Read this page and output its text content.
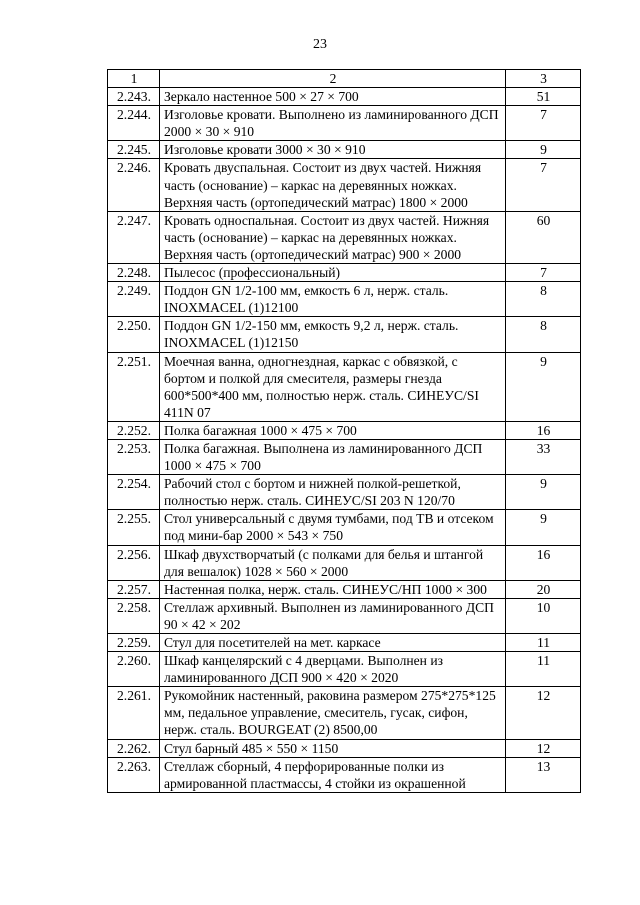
23
1	2	3
2.243.	Зеркало настенное 500 × 27 × 700	51
2.244.	Изголовье кровати. Выполнено из ламинированного ДСП 2000 × 30 × 910	7
2.245.	Изголовье кровати 3000 × 30 × 910	9
2.246.	Кровать двуспальная. Состоит из двух частей. Нижняя часть (основание) – каркас на деревянных ножках. Верхняя часть (ортопедический матрас) 1800 × 2000	7
2.247.	Кровать односпальная. Состоит из двух частей. Нижняя часть (основание) – каркас на деревянных ножках. Верхняя часть (ортопедический матрас) 900 × 2000	60
2.248.	Пылесос (профессиональный)	7
2.249.	Поддон GN 1/2-100 мм, емкость 6 л, нерж. сталь. INOXMACEL (1)12100	8
2.250.	Поддон GN 1/2-150 мм, емкость 9,2 л, нерж. сталь. INOXMACEL (1)12150	8
2.251.	Моечная ванна, одногнездная, каркас с обвязкой, с бортом и полкой для смесителя, размеры гнезда 600*500*400 мм, полностью нерж. сталь. СИНЕУС/SI 411N 07	9
2.252.	Полка багажная 1000 × 475 × 700	16
2.253.	Полка багажная. Выполнена из ламинированного ДСП 1000 × 475 × 700	33
2.254.	Рабочий стол с бортом и нижней полкой-решеткой, полностью нерж. сталь. СИНЕУС/SI 203 N 120/70	9
2.255.	Стол универсальный с двумя тумбами, под ТВ и отсеком под мини-бар 2000 × 543 × 750	9
2.256.	Шкаф двухстворчатый (с полками для белья и штангой для вешалок) 1028 × 560 × 2000	16
2.257.	Настенная полка, нерж. сталь. СИНЕУС/НП 1000 × 300	20
2.258.	Стеллаж архивный. Выполнен из ламинированного ДСП 90 × 42 × 202	10
2.259.	Стул для посетителей на мет. каркасе	11
2.260.	Шкаф канцелярский с 4 дверцами. Выполнен из ламинированного ДСП 900 × 420 × 2020	11
2.261.	Рукомойник настенный, раковина размером 275*275*125 мм, педальное управление, смеситель, гусак, сифон, нерж. сталь. BOURGEAT (2) 8500,00	12
2.262.	Стул барный 485 × 550 × 1150	12
2.263.	Стеллаж сборный, 4 перфорированные полки из армированной пластмассы, 4 стойки из окрашенной	13
